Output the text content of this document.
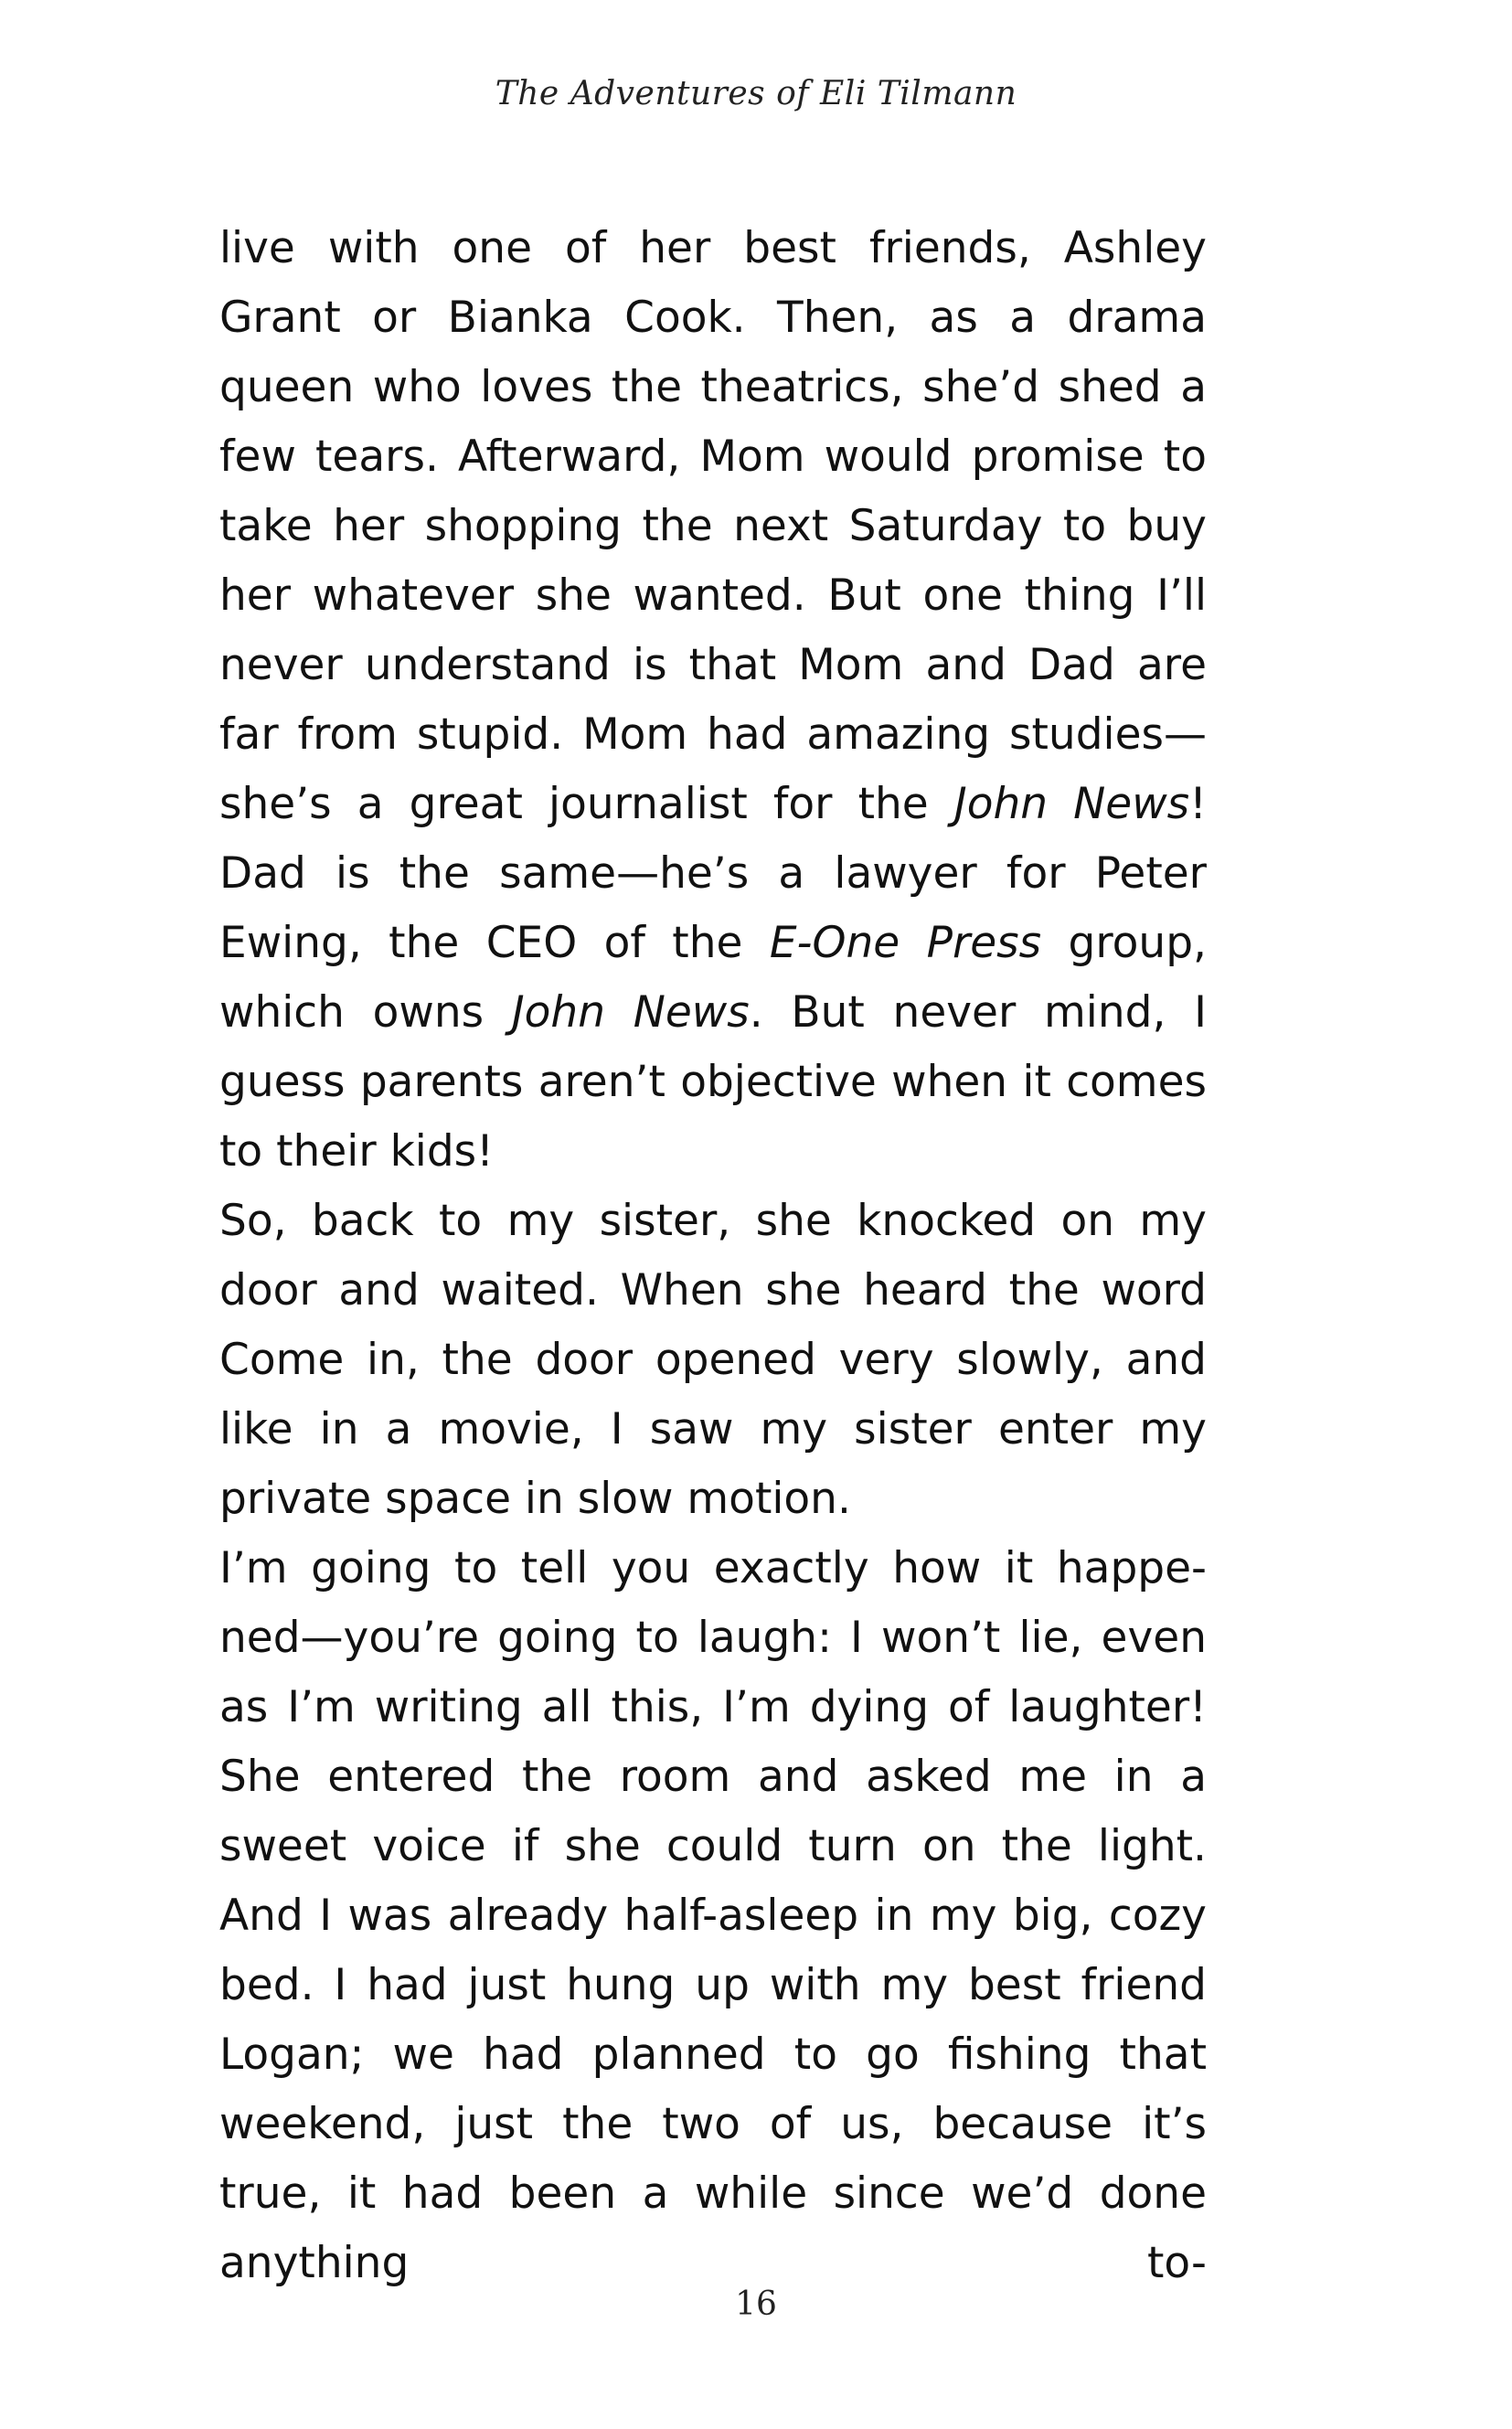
The Adventures of Eli Tilmann

live with one of her best friends, Ashley Grant or Bianka Cook. Then, as a drama queen who loves the theatrics, she’d shed a few tears. Afterward, Mom would promise to take her shopping the next Saturday to buy her whatever she wanted. But one thing I’ll never understand is that Mom and Dad are far from stupid. Mom had amazing studies—she’s a great journalist for the John News! Dad is the same—he’s a lawyer for Peter Ewing, the CEO of the E-One Press group, which owns John News. But never mind, I guess parents aren’t objective when it comes to their kids!

So, back to my sister, she knocked on my door and waited. When she heard the word Come in, the door opened very slowly, and like in a movie, I saw my sister enter my private space in slow motion.

I’m going to tell you exactly how it happe- ned—you’re going to laugh: I won’t lie, even as I’m writing all this, I’m dying of laughter! She entered the room and asked me in a sweet voice if she could turn on the light. And I was already half-asleep in my big, cozy bed. I had just hung up with my best friend Logan; we had planned to go fishing that weekend, just the two of us, because it’s true, it had been a while since we’d done anything to-

16
